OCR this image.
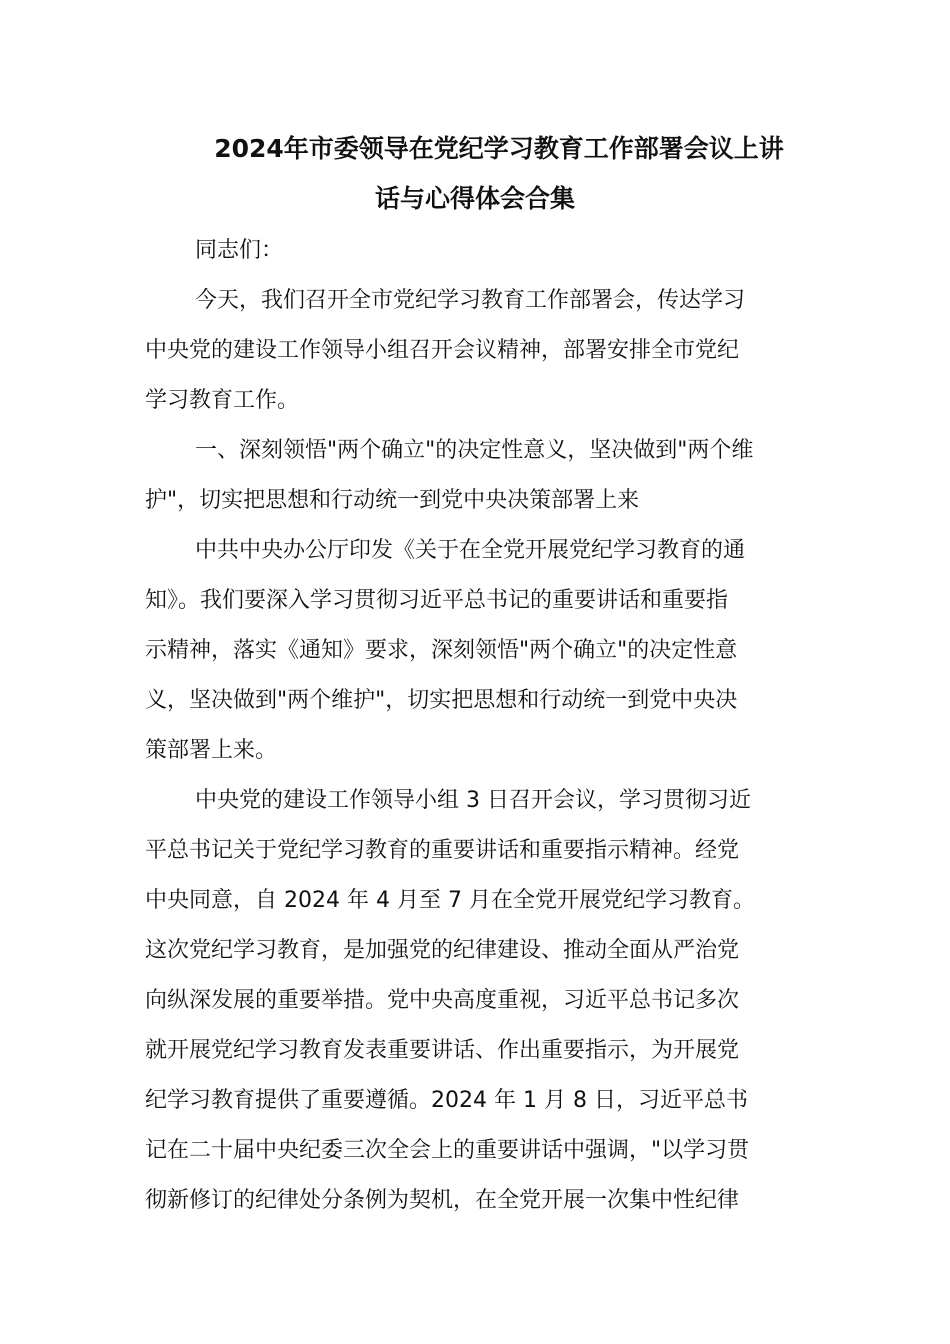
2024年市委领导在党纪学习教育工作部署会议上讲
话与心得体会合集
同志们：
今天，我们召开全市党纪学习教育工作部署会，传达学习
中央党的建设工作领导小组召开会议精神，部署安排全市党纪
学习教育工作。
一、深刻领悟"两个确立"的决定性意义，坚决做到"两个维
护"，切实把思想和行动统一到党中央决策部署上来
中共中央办公厅印发《关于在全党开展党纪学习教育的通
知》。我们要深入学习贯彻习近平总书记的重要讲话和重要指
示精神，落实《通知》要求，深刻领悟"两个确立"的决定性意
义，坚决做到"两个维护"，切实把思想和行动统一到党中央决
策部署上来。
中央党的建设工作领导小组 3 日召开会议，学习贯彻习近
平总书记关于党纪学习教育的重要讲话和重要指示精神。经党
中央同意，自 2024 年 4 月至 7 月在全党开展党纪学习教育。
这次党纪学习教育，是加强党的纪律建设、推动全面从严治党
向纵深发展的重要举措。党中央高度重视，习近平总书记多次
就开展党纪学习教育发表重要讲话、作出重要指示，为开展党
纪学习教育提供了重要遵循。2024 年 1 月 8 日，习近平总书
记在二十届中央纪委三次全会上的重要讲话中强调，"以学习贯
彻新修订的纪律处分条例为契机，在全党开展一次集中性纪律
